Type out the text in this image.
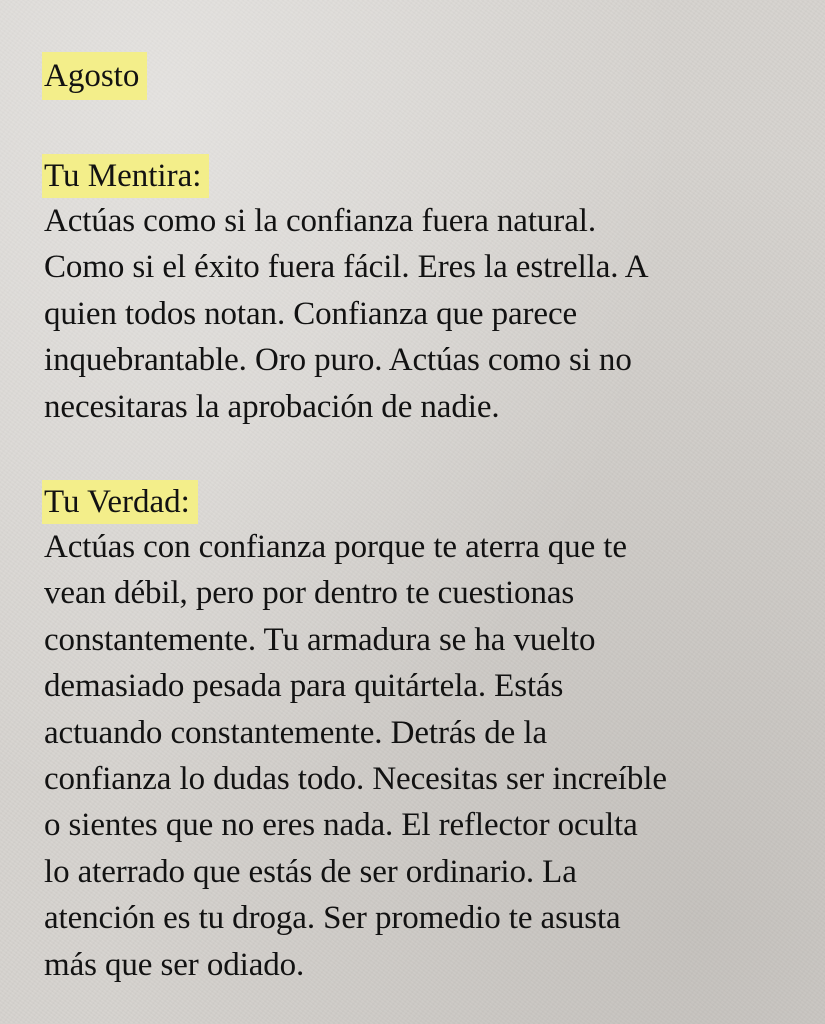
Agosto
Tu Mentira:

Actúas como si la confianza fuera natural.
Como si el éxito fuera fácil. Eres la estrella. A
quien todos notan. Confianza que parece
inquebrantable. Oro puro. Actúas como si no
necesitaras la aprobación de nadie.

Tu Verdad:

Actúas con confianza porque te aterra que te
vean débil, pero por dentro te cuestionas
constantemente. Tu armadura se ha vuelto
demasiado pesada para quitártela. Estás
actuando constantemente. Detrás de la
confianza lo dudas todo. Necesitas ser increíble
o sientes que no eres nada. El reflector oculta
lo aterrado que estás de ser ordinario. La
atención es tu droga. Ser promedio te asusta
más que ser odiado.
